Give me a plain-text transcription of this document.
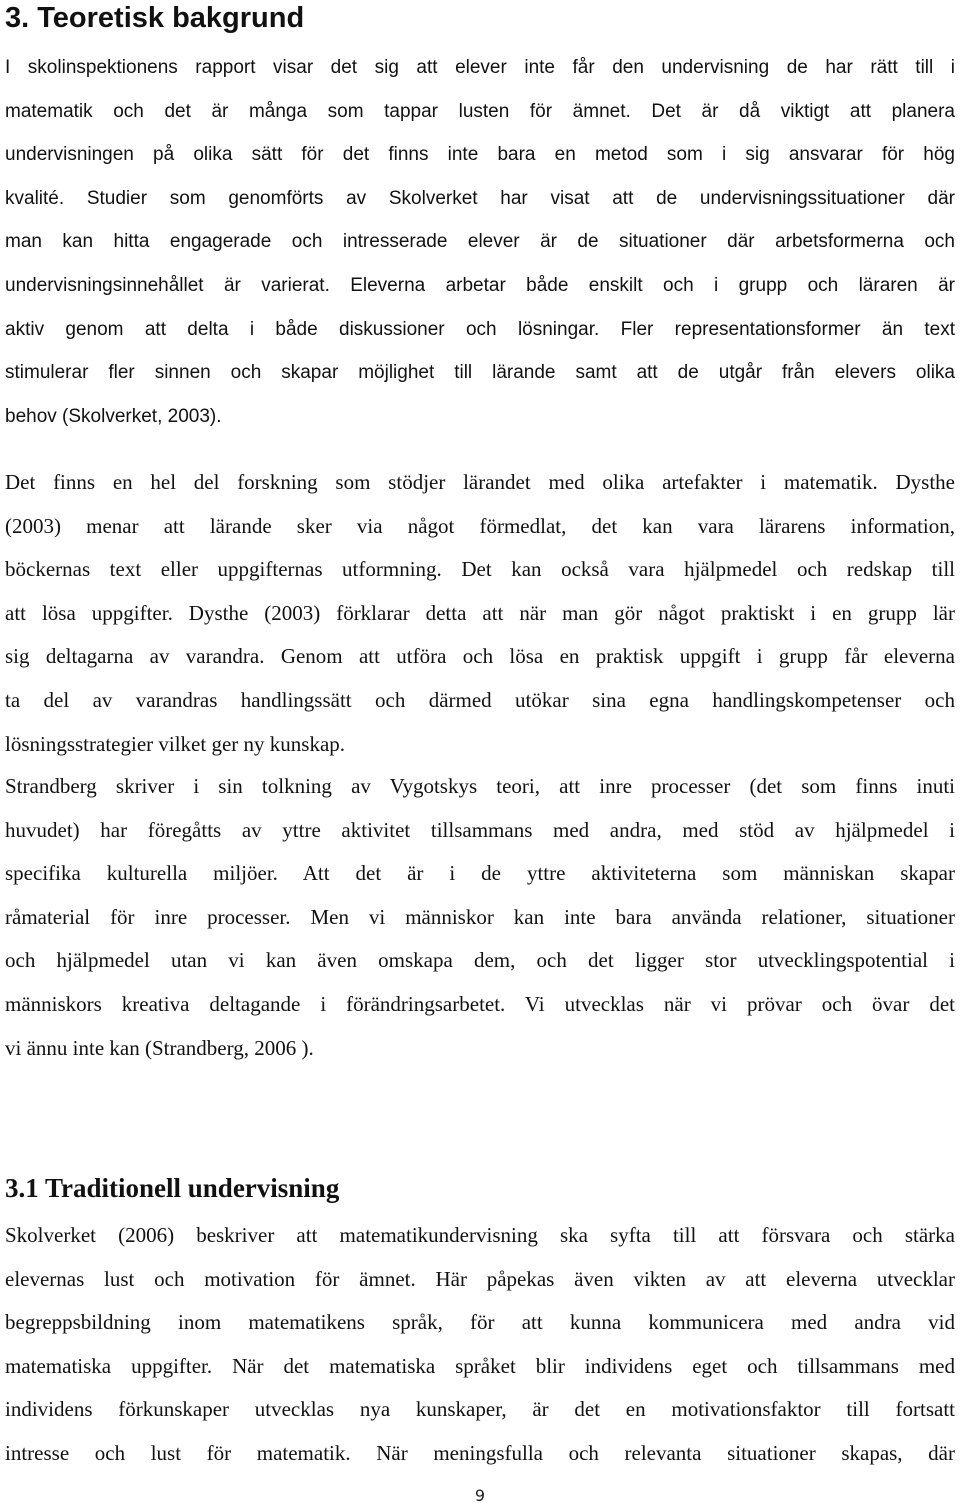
3. Teoretisk bakgrund
I skolinspektionens rapport visar det sig att elever inte får den undervisning de har rätt till i
matematik och det är många som tappar lusten för ämnet. Det är då viktigt att planera
undervisningen på olika sätt för det finns inte bara en metod som i sig ansvarar för hög
kvalité. Studier som genomförts av Skolverket har visat att de undervisningssituationer där
man kan hitta engagerade och intresserade elever är de situationer där arbetsformerna och
undervisningsinnehållet är varierat. Eleverna arbetar både enskilt och i grupp och läraren är
aktiv genom att delta i både diskussioner och lösningar. Fler representationsformer än text
stimulerar fler sinnen och skapar möjlighet till lärande samt att de utgår från elevers olika
behov (Skolverket, 2003).
Det finns en hel del forskning som stödjer lärandet med olika artefakter i matematik. Dysthe
(2003) menar att lärande sker via något förmedlat, det kan vara lärarens information,
böckernas text eller uppgifternas utformning. Det kan också vara hjälpmedel och redskap till
att lösa uppgifter. Dysthe (2003) förklarar detta att när man gör något praktiskt i en grupp lär
sig deltagarna av varandra. Genom att utföra och lösa en praktisk uppgift i grupp får eleverna
ta del av varandras handlingssätt och därmed utökar sina egna handlingskompetenser och
lösningsstrategier vilket ger ny kunskap.
Strandberg skriver i sin tolkning av Vygotskys teori, att inre processer (det som finns inuti
huvudet) har föregåtts av yttre aktivitet tillsammans med andra, med stöd av hjälpmedel i
specifika kulturella miljöer. Att det är i de yttre aktiviteterna som människan skapar
råmaterial för inre processer. Men vi människor kan inte bara använda relationer, situationer
och hjälpmedel utan vi kan även omskapa dem, och det ligger stor utvecklingspotential i
människors kreativa deltagande i förändringsarbetet. Vi utvecklas när vi prövar och övar det
vi ännu inte kan (Strandberg, 2006 ).
3.1 Traditionell undervisning
Skolverket (2006) beskriver att matematikundervisning ska syfta till att försvara och stärka
elevernas lust och motivation för ämnet. Här påpekas även vikten av att eleverna utvecklar
begreppsbildning inom matematikens språk, för att kunna kommunicera med andra vid
matematiska uppgifter. När det matematiska språket blir individens eget och tillsammans med
individens förkunskaper utvecklas nya kunskaper, är det en motivationsfaktor till fortsatt
intresse och lust för matematik. När meningsfulla och relevanta situationer skapas, där
9
